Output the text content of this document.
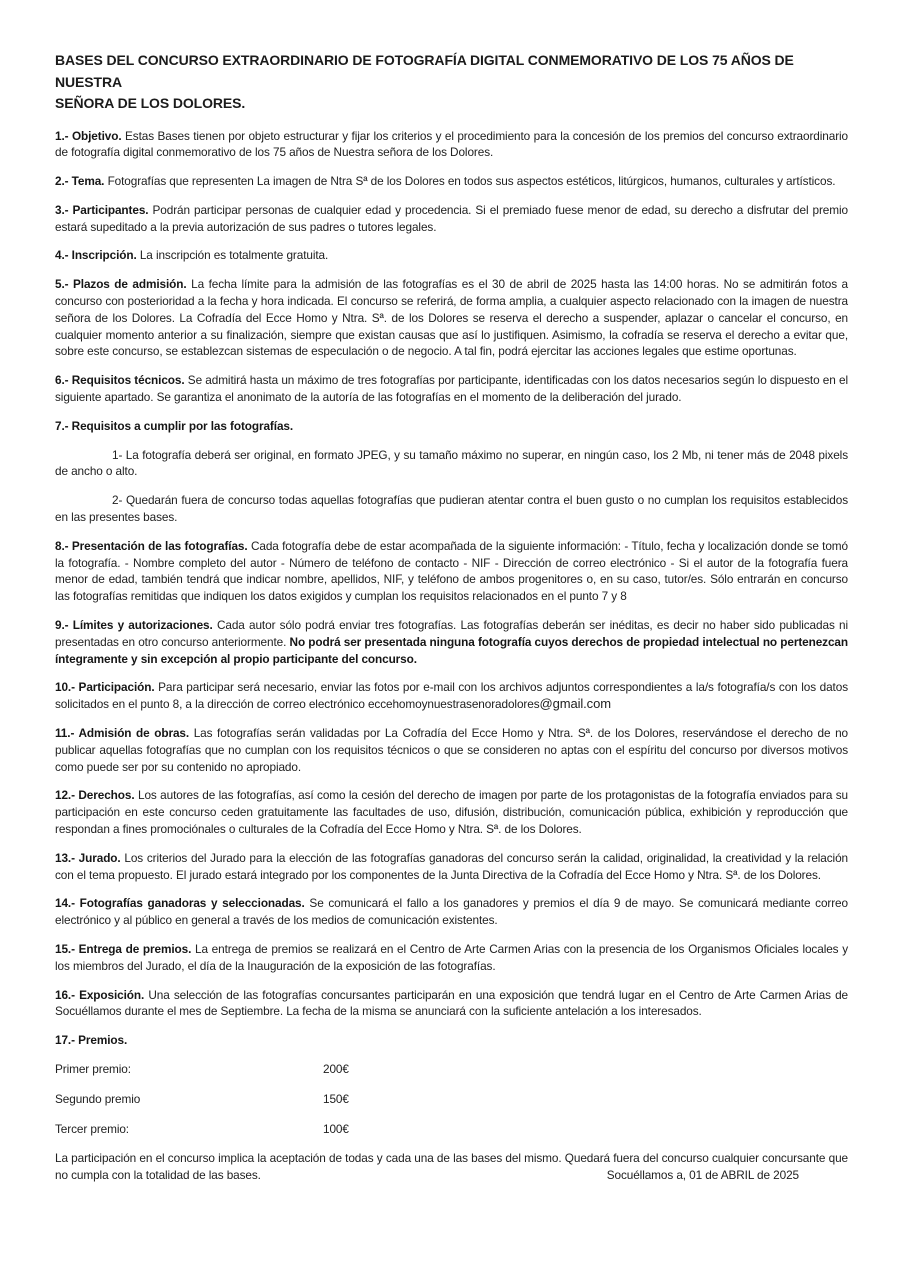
BASES DEL CONCURSO EXTRAORDINARIO DE FOTOGRAFÍA DIGITAL CONMEMORATIVO DE LOS 75 AÑOS DE NUESTRA
SEÑORA DE LOS DOLORES.

1.- Objetivo. Estas Bases tienen por objeto estructurar y fijar los criterios y el procedimiento para la concesión de los premios del concurso extraordinario de fotografía digital conmemorativo de los 75 años de Nuestra señora de los Dolores.

2.- Tema. Fotografías que representen La imagen de Ntra Sª de los Dolores en todos sus aspectos estéticos, litúrgicos, humanos, culturales y artísticos.

3.- Participantes. Podrán participar personas de cualquier edad y procedencia. Si el premiado fuese menor de edad, su derecho a disfrutar del premio estará supeditado a la previa autorización de sus padres o tutores legales.

4.- Inscripción. La inscripción es totalmente gratuita.

5.- Plazos de admisión. La fecha límite para la admisión de las fotografías es el 30 de abril de 2025 hasta las 14:00 horas. No se admitirán fotos a concurso con posterioridad a la fecha y hora indicada. El concurso se referirá, de forma amplia, a cualquier aspecto relacionado con la imagen de nuestra señora de los Dolores. La Cofradía del Ecce Homo y Ntra. Sª. de los Dolores se reserva el derecho a suspender, aplazar o cancelar el concurso, en cualquier momento anterior a su finalización, siempre que existan causas que así lo justifiquen. Asimismo, la cofradía se reserva el derecho a evitar que, sobre este concurso, se establezcan sistemas de especulación o de negocio. A tal fin, podrá ejercitar las acciones legales que estime oportunas.

6.- Requisitos técnicos. Se admitirá hasta un máximo de tres fotografías por participante, identificadas con los datos necesarios según lo dispuesto en el siguiente apartado. Se garantiza el anonimato de la autoría de las fotografías en el momento de la deliberación del jurado.

7.- Requisitos a cumplir por las fotografías.

1- La fotografía deberá ser original, en formato JPEG, y su tamaño máximo no superar, en ningún caso, los 2 Mb, ni tener más de 2048 pixels de ancho o alto.

2- Quedarán fuera de concurso todas aquellas fotografías que pudieran atentar contra el buen gusto o no cumplan los requisitos establecidos en las presentes bases.

8.- Presentación de las fotografías. Cada fotografía debe de estar acompañada de la siguiente información: - Título, fecha y localización donde se tomó la fotografía. - Nombre completo del autor - Número de teléfono de contacto - NIF - Dirección de correo electrónico - Si el autor de la fotografía fuera menor de edad, también tendrá que indicar nombre, apellidos, NIF, y teléfono de ambos progenitores o, en su caso, tutor/es. Sólo entrarán en concurso las fotografías remitidas que indiquen los datos exigidos y cumplan los requisitos relacionados en el punto 7 y 8

9.- Límites y autorizaciones. Cada autor sólo podrá enviar tres fotografías. Las fotografías deberán ser inéditas, es decir no haber sido publicadas ni presentadas en otro concurso anteriormente. No podrá ser presentada ninguna fotografía cuyos derechos de propiedad intelectual no pertenezcan íntegramente y sin excepción al propio participante del concurso.

10.- Participación. Para participar será necesario, enviar las fotos por e-mail con los archivos adjuntos correspondientes a la/s fotografía/s con los datos solicitados en el punto 8, a la dirección de correo electrónico eccehomoynuestrasenoradolores@gmail.com

11.- Admisión de obras. Las fotografías serán validadas por La Cofradía del Ecce Homo y Ntra. Sª. de los Dolores, reservándose el derecho de no publicar aquellas fotografías que no cumplan con los requisitos técnicos o que se consideren no aptas con el espíritu del concurso por diversos motivos como puede ser por su contenido no apropiado.

12.- Derechos. Los autores de las fotografías, así como la cesión del derecho de imagen por parte de los protagonistas de la fotografía enviados para su participación en este concurso ceden gratuitamente las facultades de uso, difusión, distribución, comunicación pública, exhibición y reproducción que respondan a fines promociónales o culturales de la Cofradía del Ecce Homo y Ntra. Sª. de los Dolores.

13.- Jurado. Los criterios del Jurado para la elección de las fotografías ganadoras del concurso serán la calidad, originalidad, la creatividad y la relación con el tema propuesto. El jurado estará integrado por los componentes de la Junta Directiva de la Cofradía del Ecce Homo y Ntra. Sª. de los Dolores.

14.- Fotografías ganadoras y seleccionadas. Se comunicará el fallo a los ganadores y premios el día 9 de mayo. Se comunicará mediante correo electrónico y al público en general a través de los medios de comunicación existentes.

15.- Entrega de premios. La entrega de premios se realizará en el Centro de Arte Carmen Arias con la presencia de los Organismos Oficiales locales y los miembros del Jurado, el día de la Inauguración de la exposición de las fotografías.

16.- Exposición. Una selección de las fotografías concursantes participarán en una exposición que tendrá lugar en el Centro de Arte Carmen Arias de Socuéllamos durante el mes de Septiembre. La fecha de la misma se anunciará con la suficiente antelación a los interesados.

17.- Premios.

Primer premio:	200€

Segundo premio	150€

Tercer premio:	100€

La participación en el concurso implica la aceptación de todas y cada una de las bases del mismo. Quedará fuera del concurso cualquier concursante que no cumpla con la totalidad de las bases.	Socuéllamos a, 01 de ABRIL de 2025
